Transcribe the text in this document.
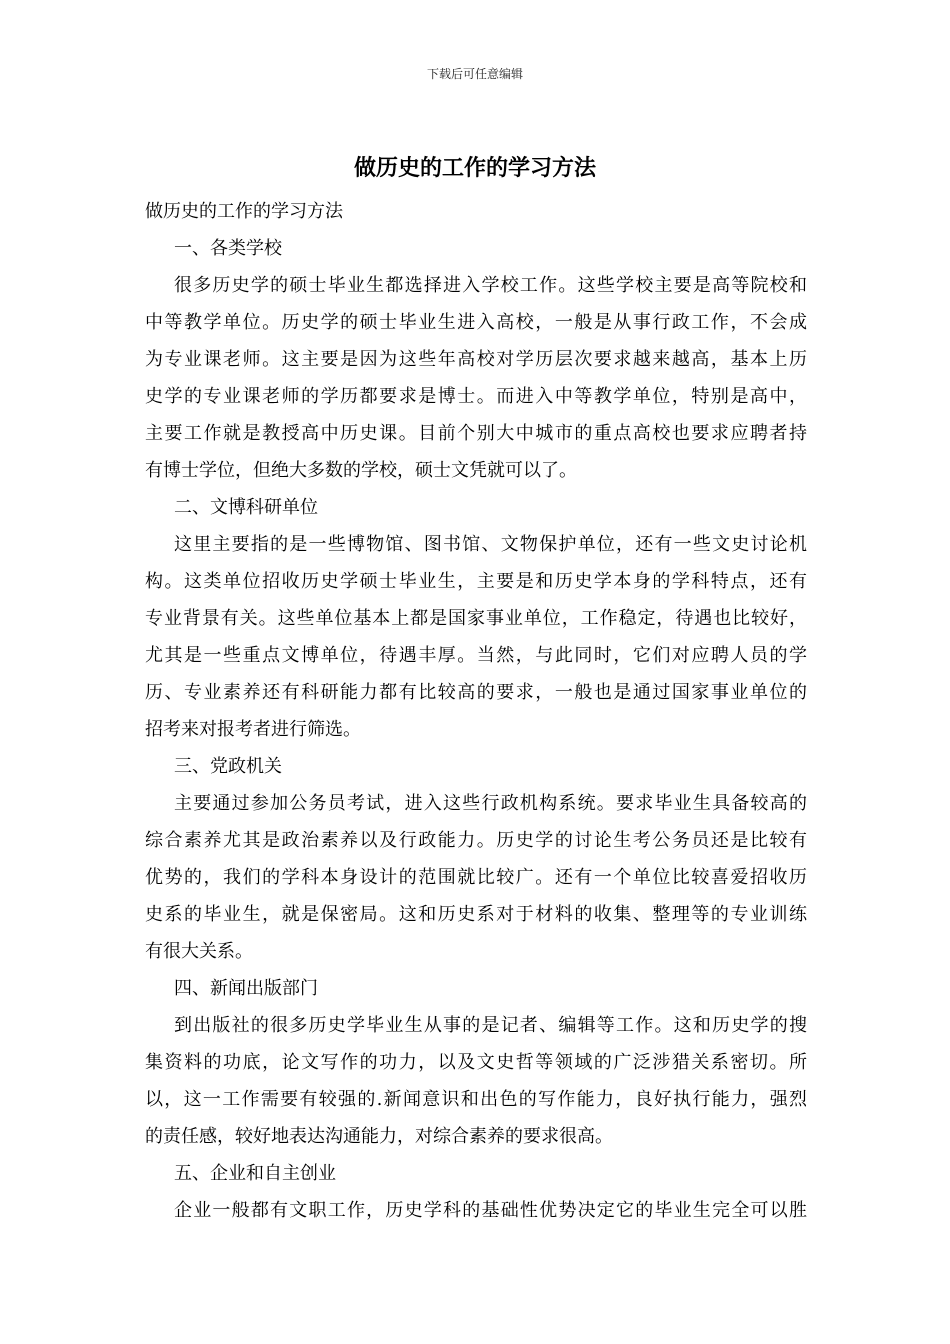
下载后可任意编辑
做历史的工作的学习方法
做历史的工作的学习方法
一、各类学校
很多历史学的硕士毕业生都选择进入学校工作。这些学校主要是高等院校和
中等教学单位。历史学的硕士毕业生进入高校，一般是从事行政工作，不会成
为专业课老师。这主要是因为这些年高校对学历层次要求越来越高，基本上历
史学的专业课老师的学历都要求是博士。而进入中等教学单位，特别是高中，
主要工作就是教授高中历史课。目前个别大中城市的重点高校也要求应聘者持
有博士学位，但绝大多数的学校，硕士文凭就可以了。
二、文博科研单位
这里主要指的是一些博物馆、图书馆、文物保护单位，还有一些文史讨论机
构。这类单位招收历史学硕士毕业生，主要是和历史学本身的学科特点，还有
专业背景有关。这些单位基本上都是国家事业单位，工作稳定，待遇也比较好，
尤其是一些重点文博单位，待遇丰厚。当然，与此同时，它们对应聘人员的学
历、专业素养还有科研能力都有比较高的要求，一般也是通过国家事业单位的
招考来对报考者进行筛选。
三、党政机关
主要通过参加公务员考试，进入这些行政机构系统。要求毕业生具备较高的
综合素养尤其是政治素养以及行政能力。历史学的讨论生考公务员还是比较有
优势的，我们的学科本身设计的范围就比较广。还有一个单位比较喜爱招收历
史系的毕业生，就是保密局。这和历史系对于材料的收集、整理等的专业训练
有很大关系。
四、新闻出版部门
到出版社的很多历史学毕业生从事的是记者、编辑等工作。这和历史学的搜
集资料的功底，论文写作的功力，以及文史哲等领域的广泛涉猎关系密切。所
以，这一工作需要有较强的.新闻意识和出色的写作能力，良好执行能力，强烈
的责任感，较好地表达沟通能力，对综合素养的要求很高。
五、企业和自主创业
企业一般都有文职工作，历史学科的基础性优势决定它的毕业生完全可以胜
